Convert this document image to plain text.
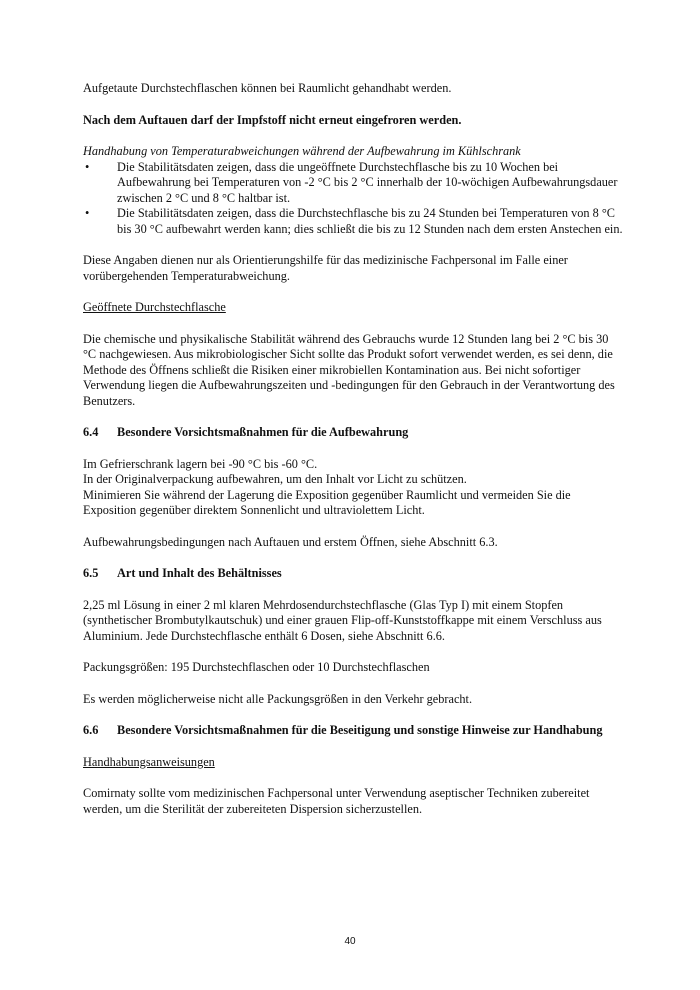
Aufgetaute Durchstechflaschen können bei Raumlicht gehandhabt werden.

Nach dem Auftauen darf der Impfstoff nicht erneut eingefroren werden.

Handhabung von Temperaturabweichungen während der Aufbewahrung im Kühlschrank

• Die Stabilitätsdaten zeigen, dass die ungeöffnete Durchstechflasche bis zu 10 Wochen bei Aufbewahrung bei Temperaturen von -2 °C bis 2 °C innerhalb der 10-wöchigen Aufbewahrungsdauer zwischen 2 °C und 8 °C haltbar ist.
• Die Stabilitätsdaten zeigen, dass die Durchstechflasche bis zu 24 Stunden bei Temperaturen von 8 °C bis 30 °C aufbewahrt werden kann; dies schließt die bis zu 12 Stunden nach dem ersten Anstechen ein.

Diese Angaben dienen nur als Orientierungshilfe für das medizinische Fachpersonal im Falle einer vorübergehenden Temperaturabweichung.

Geöffnete Durchstechflasche

Die chemische und physikalische Stabilität während des Gebrauchs wurde 12 Stunden lang bei 2 °C bis 30 °C nachgewiesen. Aus mikrobiologischer Sicht sollte das Produkt sofort verwendet werden, es sei denn, die Methode des Öffnens schließt die Risiken einer mikrobiellen Kontamination aus. Bei nicht sofortiger Verwendung liegen die Aufbewahrungszeiten und -bedingungen für den Gebrauch in der Verantwortung des Benutzers.

6.4	Besondere Vorsichtsmaßnahmen für die Aufbewahrung

Im Gefrierschrank lagern bei -90 °C bis -60 °C.

In der Originalverpackung aufbewahren, um den Inhalt vor Licht zu schützen.

Minimieren Sie während der Lagerung die Exposition gegenüber Raumlicht und vermeiden Sie die Exposition gegenüber direktem Sonnenlicht und ultraviolettem Licht.

Aufbewahrungsbedingungen nach Auftauen und erstem Öffnen, siehe Abschnitt 6.3.

6.5	Art und Inhalt des Behältnisses

2,25 ml Lösung in einer 2 ml klaren Mehrdosendurchstechflasche (Glas Typ I) mit einem Stopfen (synthetischer Brombutylkautschuk) und einer grauen Flip-off-Kunststoffkappe mit einem Verschluss aus Aluminium. Jede Durchstechflasche enthält 6 Dosen, siehe Abschnitt 6.6.

Packungsgrößen: 195 Durchstechflaschen oder 10 Durchstechflaschen

Es werden möglicherweise nicht alle Packungsgrößen in den Verkehr gebracht.

6.6	Besondere Vorsichtsmaßnahmen für die Beseitigung und sonstige Hinweise zur Handhabung

Handhabungsanweisungen

Comirnaty sollte vom medizinischen Fachpersonal unter Verwendung aseptischer Techniken zubereitet werden, um die Sterilität der zubereiteten Dispersion sicherzustellen.

40
